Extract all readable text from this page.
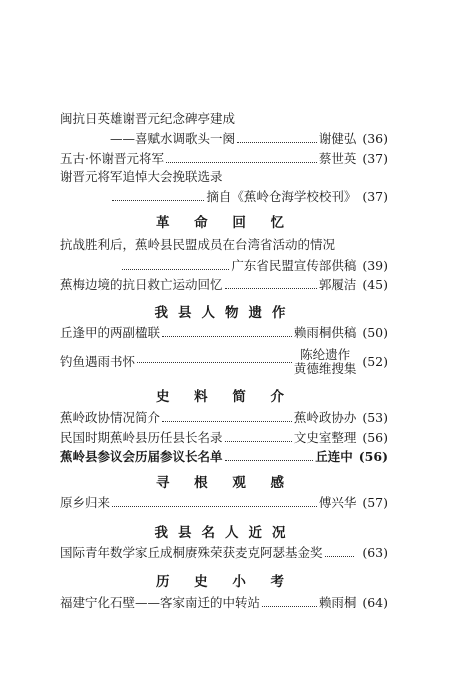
闽抗日英雄谢晋元纪念碑亭建成
——喜赋水调歌头一阕	谢健弘 (36)
五古·怀谢晋元将军	蔡世英 (37)
谢晋元将军追悼大会挽联选录
摘自《蕉岭仓海学校校刊》 (37)
革 命 回 忆
抗战胜利后，蕉岭县民盟成员在台湾省活动的情况
广东省民盟宣传部供稿 (39)
蕉梅边境的抗日救亡运动回忆	郭履洁 (45)
我县人物遗作
丘逢甲的两副楹联	赖雨桐供稿 (50)
钓鱼遇雨书怀	陈纶遗作
黄德维搜集 (52)
史 料 简 介
蕉岭政协情况简介	蕉岭政协办 (53)
民国时期蕉岭县历任县长名录	文史室整理 (56)
蕉岭县参议会历届参议长名单	丘连中 (56)
寻 根 观 感
原乡归来	傅兴华 (57)
我县名人近况
国际青年数学家丘成桐赓殊荣获麦克阿瑟基金奖	(63)
历 史 小 考
福建宁化石壁——客家南迁的中转站	赖雨桐 (64)
